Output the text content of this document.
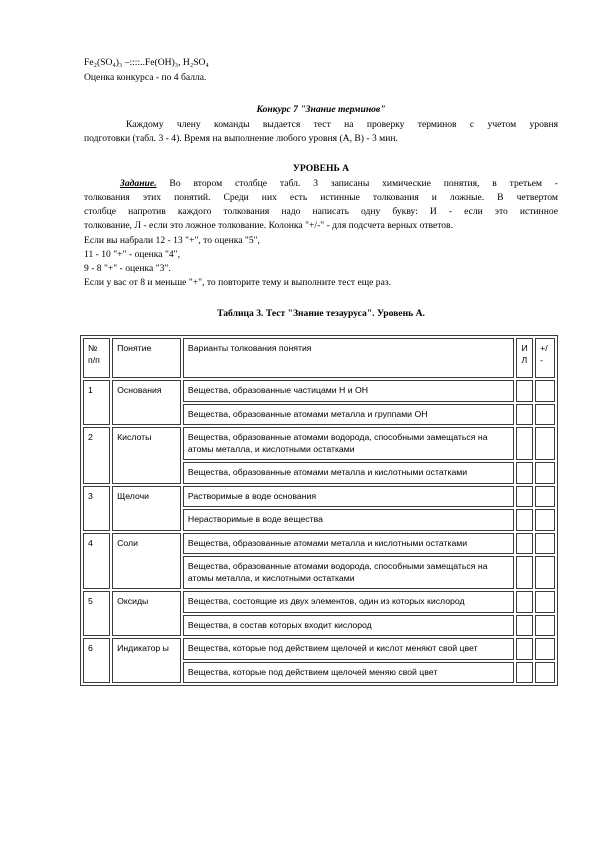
Fe₂(SO₄)₃ –::::..Fe(OH)₃, H₂SO₄
Оценка конкурса - по 4 балла.
Конкурс 7 "Знание терминов"
Каждому члену команды выдается тест на проверку терминов с учетом уровня
подготовки (табл. 3 - 4). Время на выполнение любого уровня (А, В) - 3 мин.
УРОВЕНЬ А
Задание. Во втором столбце табл. 3 записаны химические понятия, в третьем -
толкования этих понятий. Среди них есть истинные толкования и ложные. В четвертом
столбце напротив каждого толкования надо написать одну букву: И - если это истинное
толкование, Л - если это ложное толкование. Колонка "+/-" - для подсчета верных ответов.
Если вы набрали 12 - 13 "+", то оценка "5",
11 - 10 "+" - оценка "4",
9 - 8 "+" - оценка "3".
Если у вас от 8 и меньше "+", то повторите тему и выполните тест еще раз.
Таблица 3. Тест "Знание тезауруса". Уровень А.
№ п/п	Понятие	Варианты толкования понятия	И Л	+/ -
1	Основания	Вещества, образованные частицами Н и ОН		
		Вещества, образованные атомами металла и группами ОН		
2	Кислоты	Вещества, образованные атомами водорода, способными замещаться на атомы металла, и кислотными остатками		
		Вещества, образованные атомами металла и кислотными остатками		
3	Щелочи	Растворимые в воде основания		
		Нерастворимые в воде вещества		
4	Соли	Вещества, образованные атомами металла и кислотными остатками		
		Вещества, образованные атомами водорода, способными замещаться на атомы металла, и кислотными остатками		
5	Оксиды	Вещества, состоящие из двух элементов, один из которых кислород		
		Вещества, в состав которых входит кислород		
6	Индикатор ы	Вещества, которые под действием щелочей и кислот меняют свой цвет		
		Вещества, которые под действием щелочей меняю свой цвет		
